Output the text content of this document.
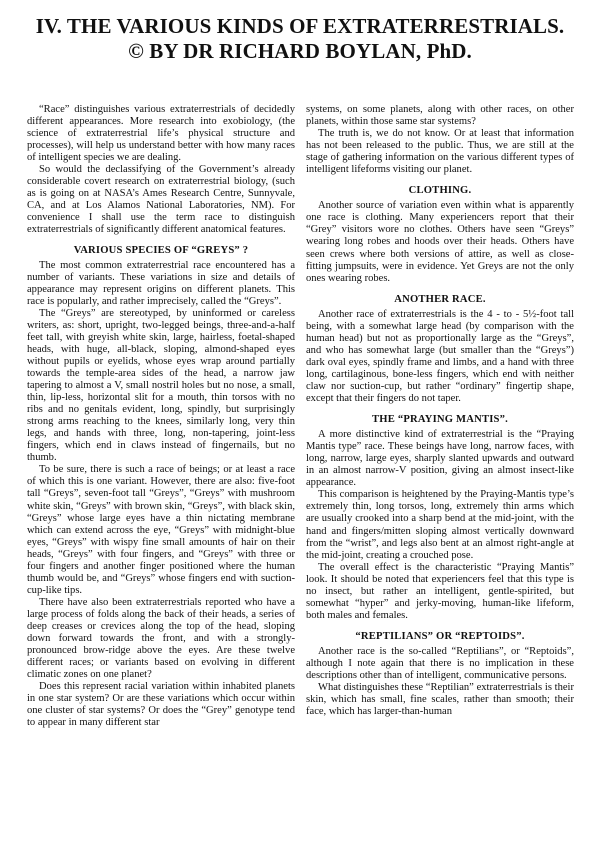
IV. THE VARIOUS KINDS OF EXTRATERRESTRIALS.
© BY DR RICHARD BOYLAN, PhD.

“Race” distinguishes various extraterrestrials of decidedly different appearances. More research into exobiology, (the science of extraterrestrial life’s physical structure and processes), will help us understand better with how many races of intelligent species we are dealing.

So would the declassifying of the Government’s already considerable covert research on extraterrestrial biology, (such as is going on at NASA’s Ames Research Centre, Sunnyvale, CA, and at Los Alamos National Laboratories, NM). For convenience I shall use the term race to distinguish extraterrestrials of significantly different anatomical features.

VARIOUS SPECIES OF “GREYS” ?

The most common extraterrestrial race encountered has a number of variants. These variations in size and details of appearance may represent origins on different planets. This race is popularly, and rather imprecisely, called the “Greys”.

The “Greys” are stereotyped, by uninformed or careless writers, as: short, upright, two-legged beings, three-and-a-half feet tall, with greyish white skin, large, hairless, foetal-shaped heads, with huge, all-black, sloping, almond-shaped eyes without pupils or eyelids, whose eyes wrap around partially towards the temple-area sides of the head, a narrow jaw tapering to almost a V, small nostril holes but no nose, a small, thin, lip-less, horizontal slit for a mouth, thin torsos with no ribs and no genitals evident, long, spindly, but surprisingly strong arms reaching to the knees, similarly long, very thin legs, and hands with three, long, non-tapering, joint-less fingers, which end in claws instead of fingernails, but no thumb.

To be sure, there is such a race of beings; or at least a race of which this is one variant. However, there are also: five-foot tall “Greys”, seven-foot tall “Greys”, “Greys” with mushroom white skin, “Greys” with brown skin, “Greys”, with black skin, “Greys” whose large eyes have a thin nictating membrane which can extend across the eye, “Greys” with midnight-blue eyes, “Greys” with wispy fine small amounts of hair on their heads, “Greys” with four fingers, and “Greys” with three or four fingers and another finger positioned where the human thumb would be, and “Greys” whose fingers end with suction-cup-like tips.

There have also been extraterrestrials reported who have a large process of folds along the back of their heads, a series of deep creases or crevices along the top of the head, sloping down forward towards the front, and with a strongly-pronounced brow-ridge above the eyes. Are these twelve different races; or variants based on evolving in different climatic zones on one planet?

Does this represent racial variation within inhabited planets in one star system? Or are these variations which occur within one cluster of star systems? Or does the “Grey” genotype tend to appear in many different star

systems, on some planets, along with other races, on other planets, within those same star systems?

The truth is, we do not know. Or at least that information has not been released to the public. Thus, we are still at the stage of gathering information on the various different types of intelligent lifeforms visiting our planet.

CLOTHING.

Another source of variation even within what is apparently one race is clothing. Many experiencers report that their “Grey” visitors wore no clothes. Others have seen “Greys” wearing long robes and hoods over their heads. Others have seen crews where both versions of attire, as well as close-fitting jumpsuits, were in evidence. Yet Greys are not the only ones wearing robes.

ANOTHER RACE.

Another race of extraterrestrials is the 4 - to - 5½-foot tall being, with a somewhat large head (by comparison with the human head) but not as proportionally large as the “Greys”, and who has somewhat large (but smaller than the “Greys”) dark oval eyes, spindly frame and limbs, and a hand with three long, cartilaginous, bone-less fingers, which end with neither claw nor suction-cup, but rather “ordinary” fingertip shape, except that their fingers do not taper.

THE “PRAYING MANTIS”.

A more distinctive kind of extraterrestrial is the “Praying Mantis type” race. These beings have long, narrow faces, with long, narrow, large eyes, sharply slanted upwards and outward in an almost narrow-V position, giving an almost insect-like appearance.

This comparison is heightened by the Praying-Mantis type’s extremely thin, long torsos, long, extremely thin arms which are usually crooked into a sharp bend at the mid-joint, with the hand and fingers/mitten sloping almost vertically downward from the “wrist”, and legs also bent at an almost right-angle at the mid-joint, creating a crouched pose.

The overall effect is the characteristic “Praying Mantis” look. It should be noted that experiencers feel that this type is no insect, but rather an intelligent, gentle-spirited, but somewhat “hyper” and jerky-moving, human-like lifeform, both males and females.

“REPTILIANS” OR “REPTOIDS”.

Another race is the so-called “Reptilians”, or “Reptoids”, although I note again that there is no implication in these descriptions other than of intelligent, communicative persons.

What distinguishes these “Reptilian” extraterrestrials is their skin, which has small, fine scales, rather than smooth; their face, which has larger-than-human
